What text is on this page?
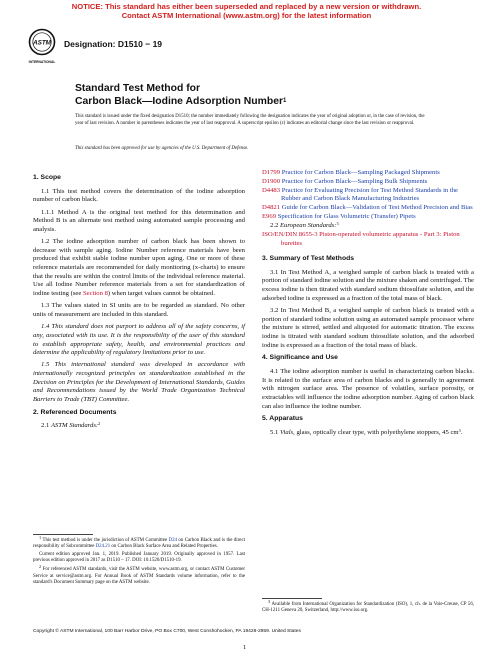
NOTICE: This standard has either been superseded and replaced by a new version or withdrawn.
Contact ASTM International (www.astm.org) for the latest information
ASTM
INTERNATIONAL
Designation: D1510 − 19
Standard Test Method for
Carbon Black—Iodine Adsorption Number$^1$
This standard is issued under the fixed designation D1510; the number immediately following the designation indicates the year of original adoption or, in the case of revision, the year of last revision. A number in parentheses indicates the year of last reapproval. A superscript epsilon (ε) indicates an editorial change since the last revision or reapproval.
This standard has been approved for use by agencies of the U.S. Department of Defense.

1. Scope

1.1 This test method covers the determination of the iodine adsorption number of carbon black.

1.1.1 Method A is the original test method for this determination and Method B is an alternate test method using automated sample processing and analysis.

1.2 The iodine adsorption number of carbon black has been shown to decrease with sample aging. Iodine Number reference materials have been produced that exhibit stable iodine number upon aging. One or more of these reference materials are recommended for daily monitoring (x-charts) to ensure that the results are within the control limits of the individual reference material. Use all Iodine Number reference materials from a set for standardization of iodine testing (see Section 8) when target values cannot be obtained.

1.3 The values stated in SI units are to be regarded as standard. No other units of measurement are included in this standard.

1.4 This standard does not purport to address all of the safety concerns, if any, associated with its use. It is the responsibility of the user of this standard to establish appropriate safety, health, and environmental practices and determine the applicability of regulatory limitations prior to use.

1.5 This international standard was developed in accordance with internationally recognized principles on standardization established in the Decision on Principles for the Development of International Standards, Guides and Recommendations issued by the World Trade Organization Technical Barriers to Trade (TBT) Committee.

2. Referenced Documents

2.1 ASTM Standards:$^2$

D1799 Practice for Carbon Black—Sampling Packaged Shipments
D1900 Practice for Carbon Black—Sampling Bulk Shipments
D4483 Practice for Evaluating Precision for Test Method Standards in the Rubber and Carbon Black Manufacturing Industries
D4821 Guide for Carbon Black—Validation of Test Method Precision and Bias
E969 Specification for Glass Volumetric (Transfer) Pipets

2.2 European Standards:$^3$

ISO/EN/DIN 8655-3 Piston-operated volumetric apparatus - Part 3: Piston burettes

3. Summary of Test Methods

3.1 In Test Method A, a weighed sample of carbon black is treated with a portion of standard iodine solution and the mixture shaken and centrifuged. The excess iodine is then titrated with standard sodium thiosulfate solution, and the adsorbed iodine is expressed as a fraction of the total mass of black.

3.2 In Test Method B, a weighed sample of carbon black is treated with a portion of standard iodine solution using an automated sample processor where the mixture is stirred, settled and aliquoted for automatic titration. The excess iodine is titrated with standard sodium thiosulfate solution, and the adsorbed iodine is expressed as a fraction of the total mass of black.

4. Significance and Use

4.1 The iodine adsorption number is useful in characterizing carbon blacks. It is related to the surface area of carbon blacks and is generally in agreement with nitrogen surface area. The presence of volatiles, surface porosity, or extractables will influence the iodine adsorption number. Aging of carbon black can also influence the iodine number.

5. Apparatus

5.1 Vials, glass, optically clear type, with polyethylene stoppers, 45 $cm^3$.

$^1$ This test method is under the jurisdiction of ASTM Committee D24 on Carbon Black and is the direct responsibility of Subcommittee D24.21 on Carbon Black Surface Area and Related Properties.

Current edition approved Jan. 1, 2019. Published January 2019. Originally approved in 1957. Last previous edition approved in 2017 as D1510 – 17. DOI: 10.1520/D1510-19.

$^2$ For referenced ASTM standards, visit the ASTM website, www.astm.org, or contact ASTM Customer Service at service@astm.org. For Annual Book of ASTM Standards volume information, refer to the standard's Document Summary page on the ASTM website.

$^3$ Available from International Organization for Standardization (ISO), 1, ch. de la Voie-Creuse, CP 56, CH-1211 Geneva 20, Switzerland, http://www.iso.org.

Copyright © ASTM International, 100 Barr Harbor Drive, PO Box C700, West Conshohocken, PA 19428-2959. United States
1
